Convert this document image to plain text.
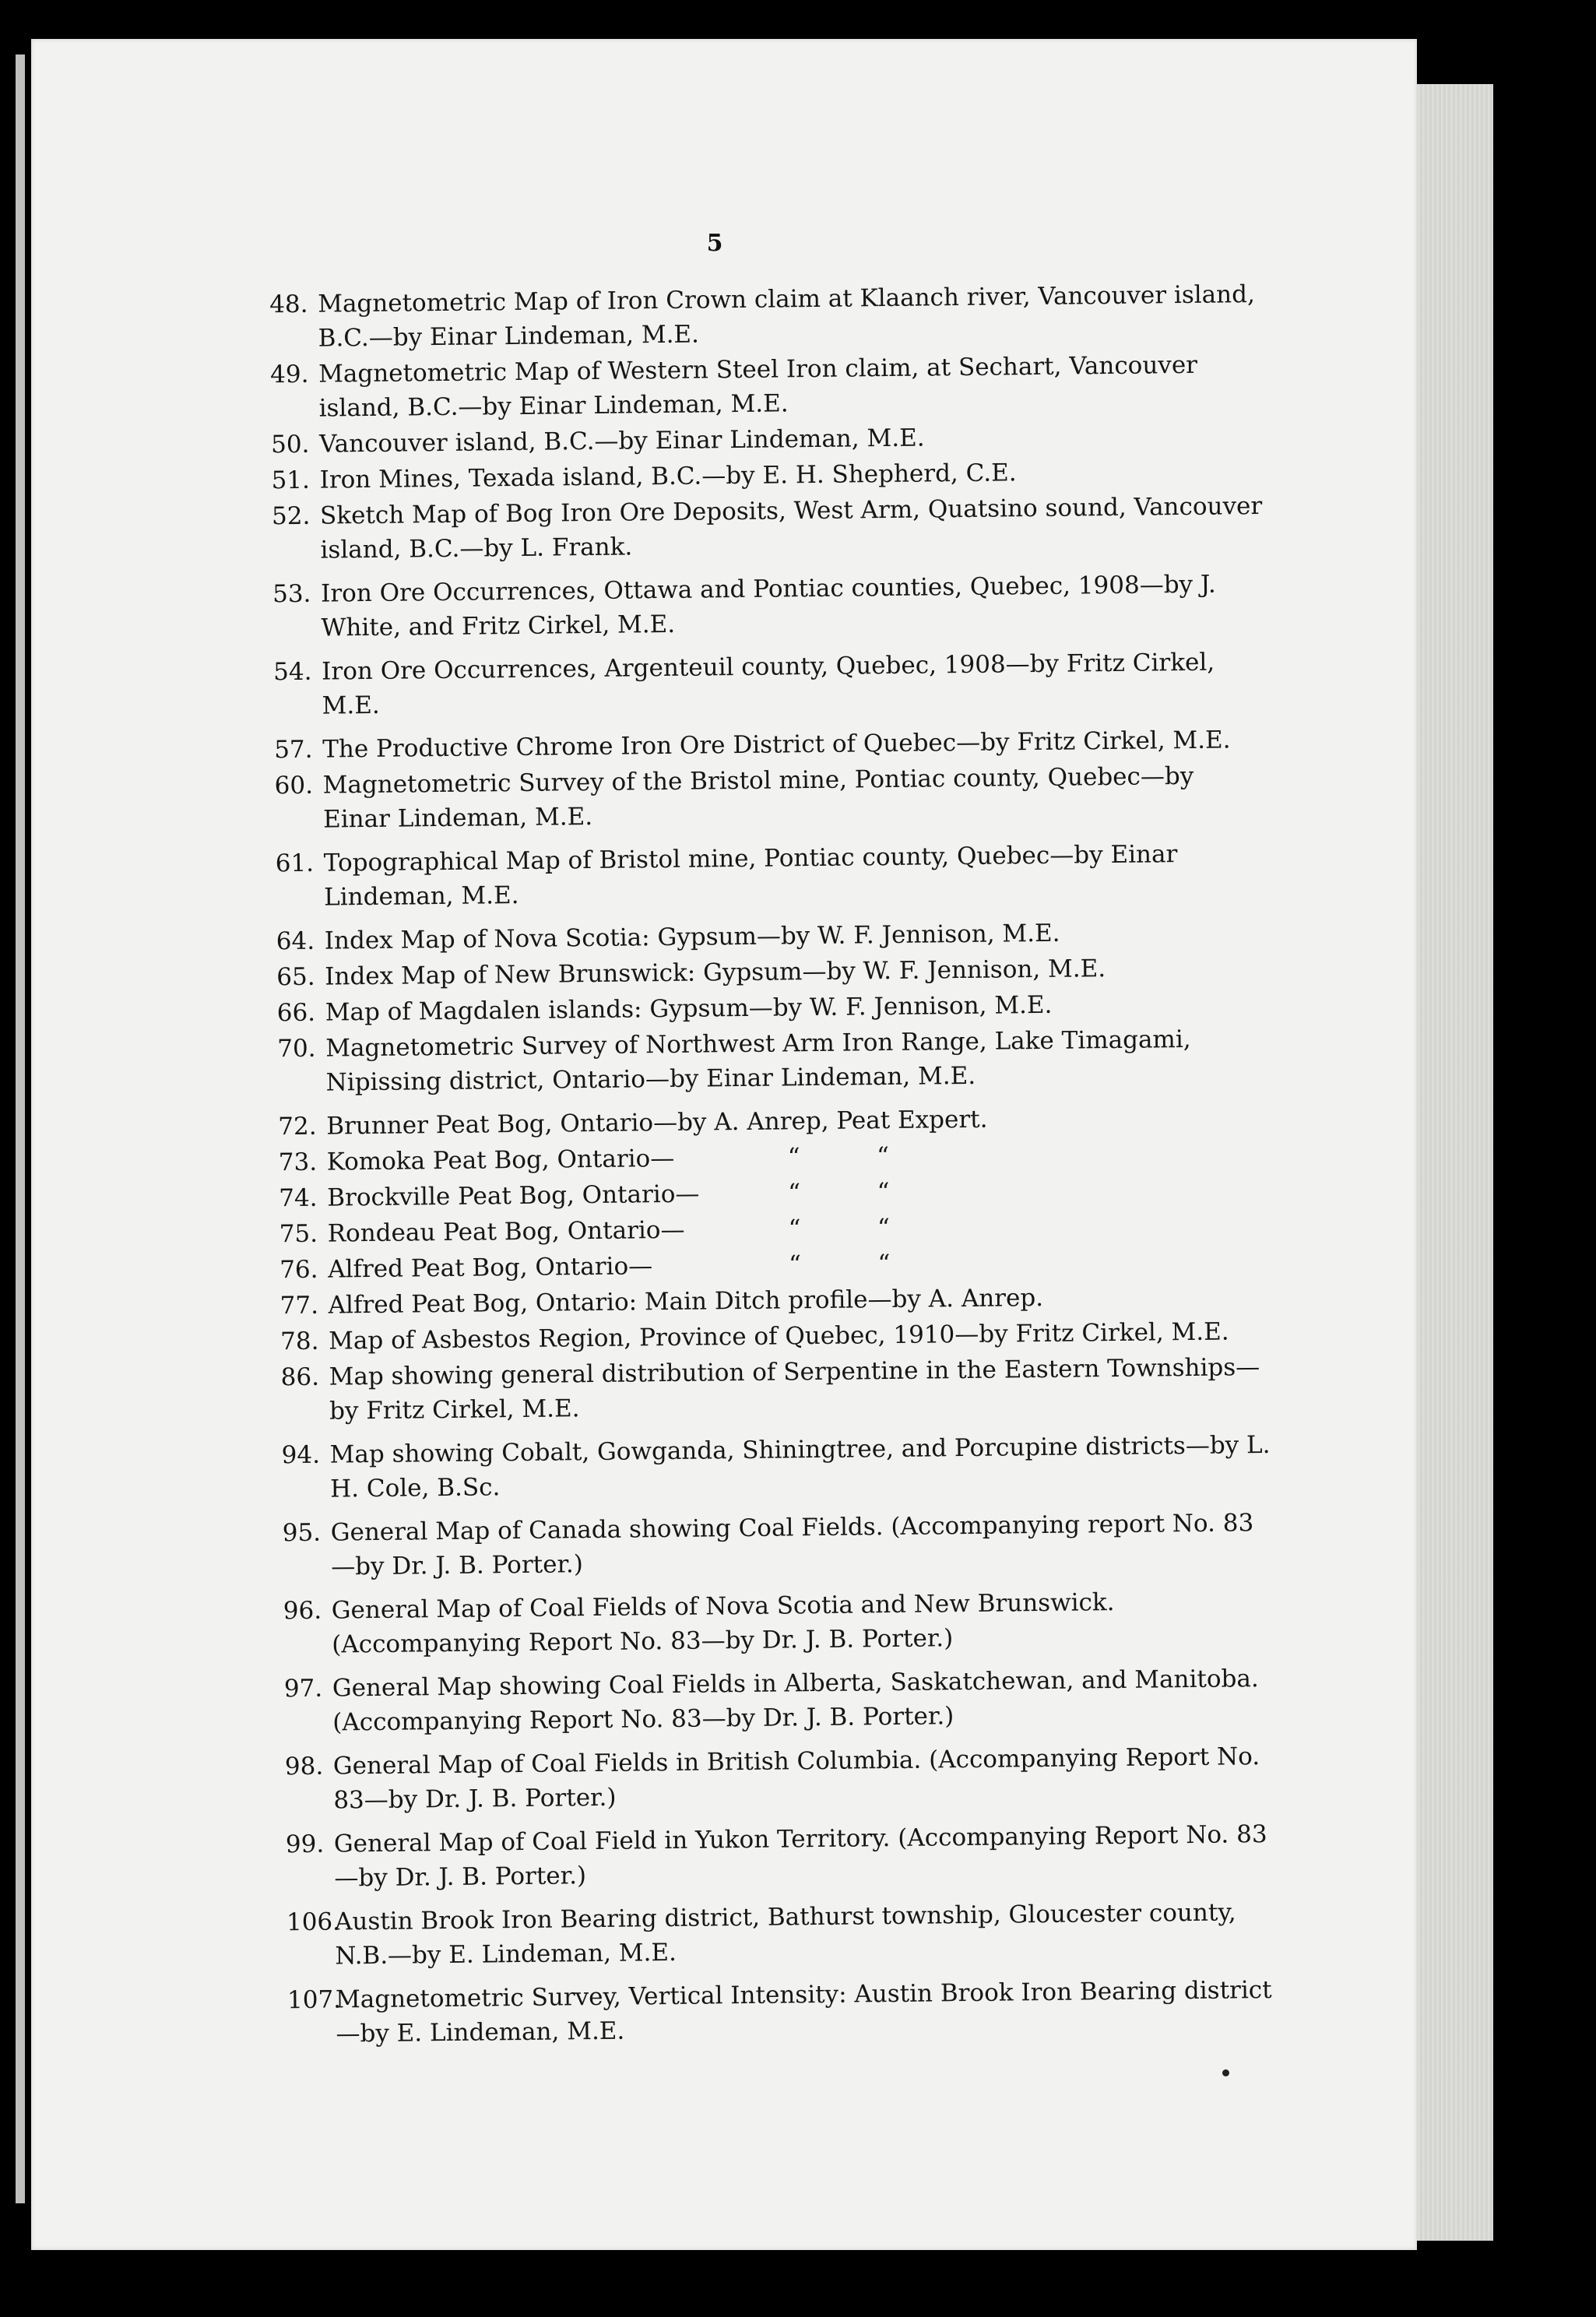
5
48. Magnetometric Map of Iron Crown claim at Klaanch river, Vancouver island, B.C.—by Einar Lindeman, M.E.
49. Magnetometric Map of Western Steel Iron claim, at Sechart, Vancouver island, B.C.—by Einar Lindeman, M.E.
50. Vancouver island, B.C.—by Einar Lindeman, M.E.
51. Iron Mines, Texada island, B.C.—by E. H. Shepherd, C.E.
52. Sketch Map of Bog Iron Ore Deposits, West Arm, Quatsino sound, Vancouver island, B.C.—by L. Frank.
53. Iron Ore Occurrences, Ottawa and Pontiac counties, Quebec, 1908—by J. White, and Fritz Cirkel, M.E.
54. Iron Ore Occurrences, Argenteuil county, Quebec, 1908—by Fritz Cirkel, M.E.
57. The Productive Chrome Iron Ore District of Quebec—by Fritz Cirkel, M.E.
60. Magnetometric Survey of the Bristol mine, Pontiac county, Quebec—by Einar Lindeman, M.E.
61. Topographical Map of Bristol mine, Pontiac county, Quebec—by Einar Lindeman, M.E.
64. Index Map of Nova Scotia: Gypsum—by W. F. Jennison, M.E.
65. Index Map of New Brunswick: Gypsum—by W. F. Jennison, M.E.
66. Map of Magdalen islands: Gypsum—by W. F. Jennison, M.E.
70. Magnetometric Survey of Northwest Arm Iron Range, Lake Timagami, Nipissing district, Ontario—by Einar Lindeman, M.E.
72. Brunner Peat Bog, Ontario—by A. Anrep, Peat Expert.
73. Komoka Peat Bog, Ontario—	“          “
74. Brockville Peat Bog, Ontario—	“          “
75. Rondeau Peat Bog, Ontario—	“          “
76. Alfred Peat Bog, Ontario—	“          “
77. Alfred Peat Bog, Ontario: Main Ditch profile—by A. Anrep.
78. Map of Asbestos Region, Province of Quebec, 1910—by Fritz Cirkel, M.E.
86. Map showing general distribution of Serpentine in the Eastern Townships—by Fritz Cirkel, M.E.
94. Map showing Cobalt, Gowganda, Shiningtree, and Porcupine districts—by L. H. Cole, B.Sc.
95. General Map of Canada showing Coal Fields. (Accompanying report No. 83—by Dr. J. B. Porter.)
96. General Map of Coal Fields of Nova Scotia and New Brunswick. (Accompanying Report No. 83—by Dr. J. B. Porter.)
97. General Map showing Coal Fields in Alberta, Saskatchewan, and Manitoba. (Accompanying Report No. 83—by Dr. J. B. Porter.)
98. General Map of Coal Fields in British Columbia. (Accompanying Report No. 83—by Dr. J. B. Porter.)
99. General Map of Coal Field in Yukon Territory. (Accompanying Report No. 83—by Dr. J. B. Porter.)
106.Austin Brook Iron Bearing district, Bathurst township, Gloucester county, N.B.—by E. Lindeman, M.E.
107.Magnetometric Survey, Vertical Intensity: Austin Brook Iron Bearing district—by E. Lindeman, M.E.
